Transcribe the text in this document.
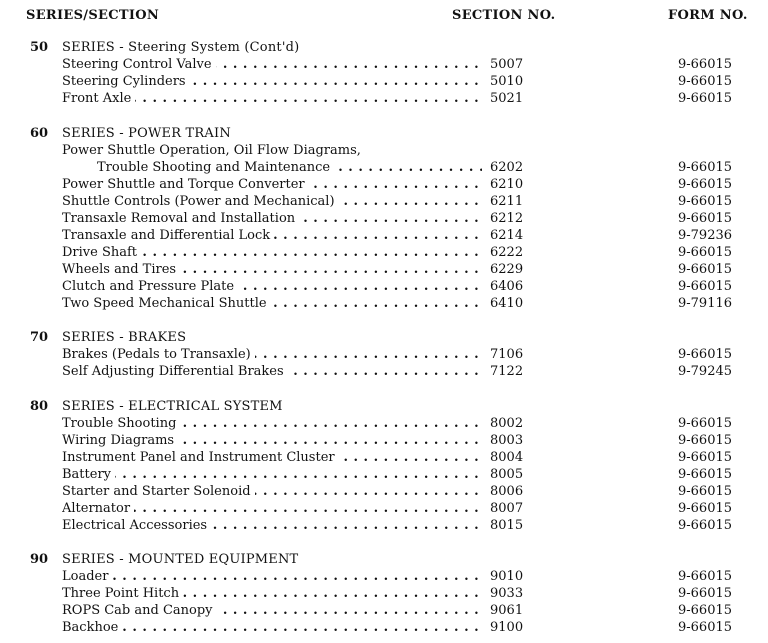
SERIES/SECTION	SECTION NO.	FORM NO.
50 SERIES - Steering System (Cont'd)
Steering Control Valve . . .	5007	9-66015
Steering Cylinders . . .	5010	9-66015
Front Axle . . .	5021	9-66015
60 SERIES - POWER TRAIN
Power Shuttle Operation, Oil Flow Diagrams,
Trouble Shooting and Maintenance . . .	6202	9-66015
Power Shuttle and Torque Converter . . .	6210	9-66015
Shuttle Controls (Power and Mechanical) . . .	6211	9-66015
Transaxle Removal and Installation . . .	6212	9-66015
Transaxle and Differential Lock . . .	6214	9-79236
Drive Shaft . . .	6222	9-66015
Wheels and Tires . . .	6229	9-66015
Clutch and Pressure Plate . . .	6406	9-66015
Two Speed Mechanical Shuttle . . .	6410	9-79116
70 SERIES - BRAKES
Brakes (Pedals to Transaxle) . . .	7106	9-66015
Self Adjusting Differential Brakes . . .	7122	9-79245
80 SERIES - ELECTRICAL SYSTEM
Trouble Shooting . . .	8002	9-66015
Wiring Diagrams . . .	8003	9-66015
Instrument Panel and Instrument Cluster . . .	8004	9-66015
Battery . . .	8005	9-66015
Starter and Starter Solenoid . . .	8006	9-66015
Alternator . . .	8007	9-66015
Electrical Accessories . . .	8015	9-66015
90 SERIES - MOUNTED EQUIPMENT
Loader . . .	9010	9-66015
Three Point Hitch . . .	9033	9-66015
ROPS Cab and Canopy . . .	9061	9-66015
Backhoe . . .	9100	9-66015
